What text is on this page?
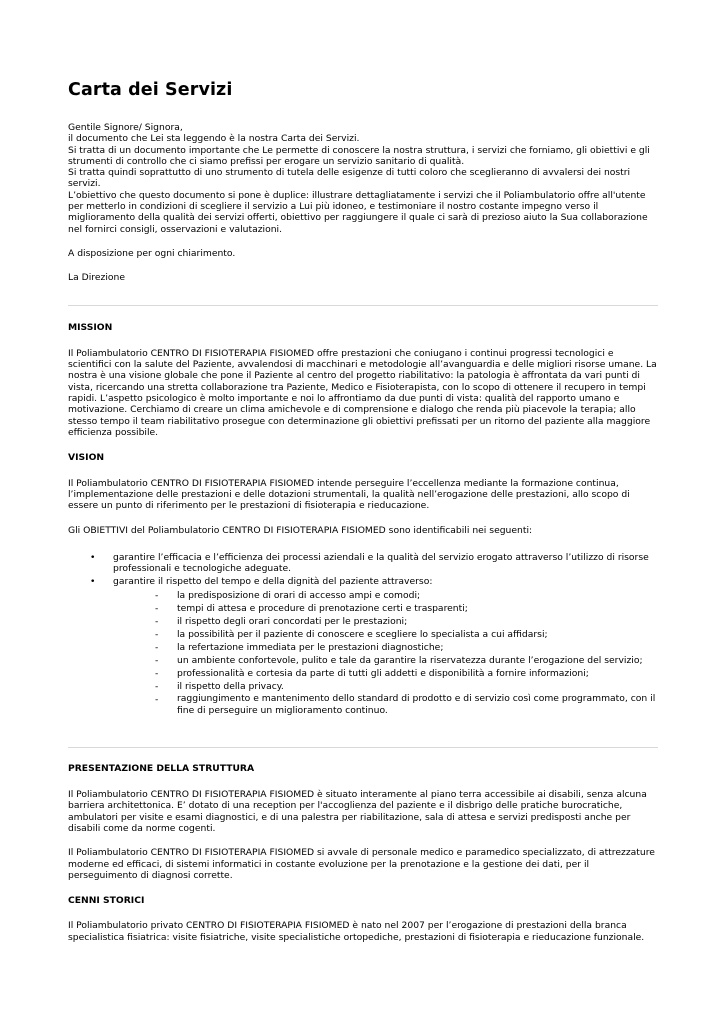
Carta dei Servizi

Gentile Signore/ Signora,

il documento che Lei sta leggendo è la nostra Carta dei Servizi.

Si tratta di un documento importante che Le permette di conoscere la nostra struttura, i servizi che forniamo, gli obiettivi e gli strumenti di controllo che ci siamo prefissi per erogare un servizio sanitario di qualità.

Si tratta quindi soprattutto di uno strumento di tutela delle esigenze di tutti coloro che sceglieranno di avvalersi dei nostri servizi.

L’obiettivo che questo documento si pone è duplice: illustrare dettagliatamente i servizi che il Poliambulatorio offre all'utente per metterlo in condizioni di scegliere il servizio a Lui più idoneo, e testimoniare il nostro costante impegno verso il miglioramento della qualità dei servizi offerti, obiettivo per raggiungere il quale ci sarà di prezioso aiuto la Sua collaborazione nel fornirci consigli, osservazioni e valutazioni.

A disposizione per ogni chiarimento.

La Direzione

MISSION

Il Poliambulatorio CENTRO DI FISIOTERAPIA FISIOMED offre prestazioni che coniugano i continui progressi tecnologici e scientifici con la salute del Paziente, avvalendosi di macchinari e metodologie all’avanguardia e delle migliori risorse umane. La nostra è una visione globale che pone il Paziente al centro del progetto riabilitativo: la patologia è affrontata da vari punti di vista, ricercando una stretta collaborazione tra Paziente, Medico e Fisioterapista, con lo scopo di ottenere il recupero in tempi rapidi. L’aspetto psicologico è molto importante e noi lo affrontiamo da due punti di vista: qualità del rapporto umano e motivazione. Cerchiamo di creare un clima amichevole e di comprensione e dialogo che renda più piacevole la terapia; allo stesso tempo il team riabilitativo prosegue con determinazione gli obiettivi prefissati per un ritorno del paziente alla maggiore efficienza possibile.

VISION

Il Poliambulatorio CENTRO DI FISIOTERAPIA FISIOMED intende perseguire l’eccellenza mediante la formazione continua, l’implementazione delle prestazioni e delle dotazioni strumentali, la qualità nell’erogazione delle prestazioni, allo scopo di essere un punto di riferimento per le prestazioni di fisioterapia e rieducazione.

Gli OBIETTIVI del Poliambulatorio CENTRO DI FISIOTERAPIA FISIOMED sono identificabili nei seguenti:

• garantire l’efficacia e l’efficienza dei processi aziendali e la qualità del servizio erogato attraverso l’utilizzo di risorse professionali e tecnologiche adeguate.
• garantire il rispetto del tempo e della dignità del paziente attraverso:
- la predisposizione di orari di accesso ampi e comodi;
- tempi di attesa e procedure di prenotazione certi e trasparenti;
- il rispetto degli orari concordati per le prestazioni;
- la possibilità per il paziente di conoscere e scegliere lo specialista a cui affidarsi;
- la refertazione immediata per le prestazioni diagnostiche;
- un ambiente confortevole, pulito e tale da garantire la riservatezza durante l’erogazione del servizio;
- professionalità e cortesia da parte di tutti gli addetti e disponibilità a fornire informazioni;
- il rispetto della privacy.
- raggiungimento e mantenimento dello standard di prodotto e di servizio così come programmato, con il fine di perseguire un miglioramento continuo.

PRESENTAZIONE DELLA STRUTTURA

Il Poliambulatorio CENTRO DI FISIOTERAPIA FISIOMED è situato interamente al piano terra accessibile ai disabili, senza alcuna barriera architettonica. E’ dotato di una reception per l'accoglienza del paziente e il disbrigo delle pratiche burocratiche, ambulatori per visite e esami diagnostici, e di una palestra per riabilitazione, sala di attesa e servizi predisposti anche per disabili come da norme cogenti.

Il Poliambulatorio CENTRO DI FISIOTERAPIA FISIOMED si avvale di personale medico e paramedico specializzato, di attrezzature moderne ed efficaci, di sistemi informatici in costante evoluzione per la prenotazione e la gestione dei dati, per il perseguimento di diagnosi corrette.

CENNI STORICI

Il Poliambulatorio privato CENTRO DI FISIOTERAPIA FISIOMED è nato nel 2007 per l’erogazione di prestazioni della branca specialistica fisiatrica: visite fisiatriche, visite specialistiche ortopediche, prestazioni di fisioterapia e rieducazione funzionale.
